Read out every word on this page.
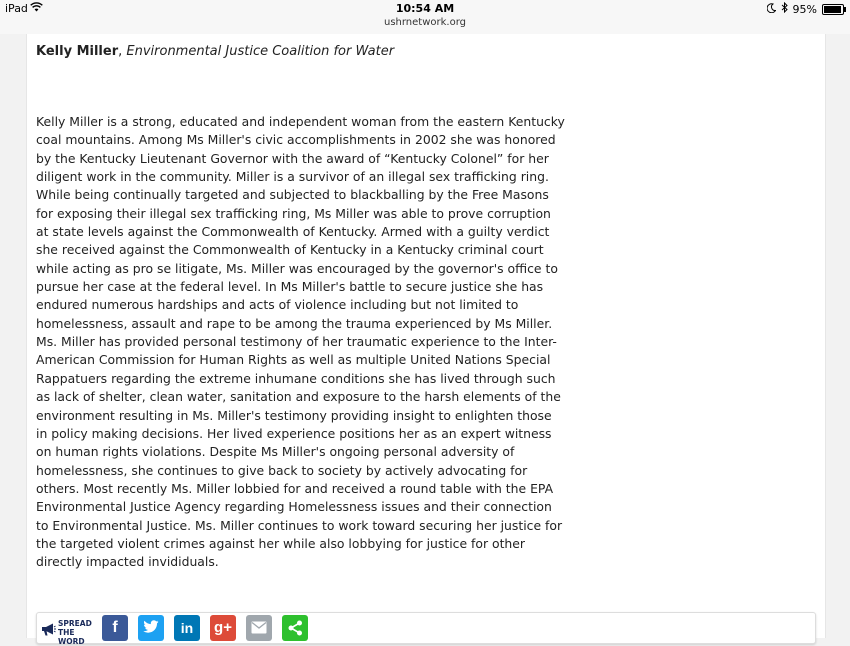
iPad	10:54 AM
ushrnetwork.org
95%
Kelly Miller, Environmental Justice Coalition for Water

Kelly Miller is a strong, educated and independent woman from the eastern Kentucky coal mountains. Among Ms Miller's civic accomplishments in 2002 she was honored by the Kentucky Lieutenant Governor with the award of “Kentucky Colonel” for her diligent work in the community. Miller is a survivor of an illegal sex trafficking ring. While being continually targeted and subjected to blackballing by the Free Masons for exposing their illegal sex trafficking ring, Ms Miller was able to prove corruption at state levels against the Commonwealth of Kentucky. Armed with a guilty verdict she received against the Commonwealth of Kentucky in a Kentucky criminal court while acting as pro se litigate, Ms. Miller was encouraged by the governor's office to pursue her case at the federal level. In Ms Miller's battle to secure justice she has endured numerous hardships and acts of violence including but not limited to homelessness, assault and rape to be among the trauma experienced by Ms Miller. Ms. Miller has provided personal testimony of her traumatic experience to the Inter-American Commission for Human Rights as well as multiple United Nations Special Rappatuers regarding the extreme inhumane conditions she has lived through such as lack of shelter, clean water, sanitation and exposure to the harsh elements of the environment resulting in Ms. Miller's testimony providing insight to enlighten those in policy making decisions. Her lived experience positions her as an expert witness on human rights violations. Despite Ms Miller's ongoing personal adversity of homelessness, she continues to give back to society by actively advocating for others. Most recently Ms. Miller lobbied for and received a round table with the EPA Environmental Justice Agency regarding Homelessness issues and their connection to Environmental Justice. Ms. Miller continues to work toward securing her justice for the targeted violent crimes against her while also lobbying for justice for other directly impacted invididuals.

SPREAD
THE WORD
f	in	g+
